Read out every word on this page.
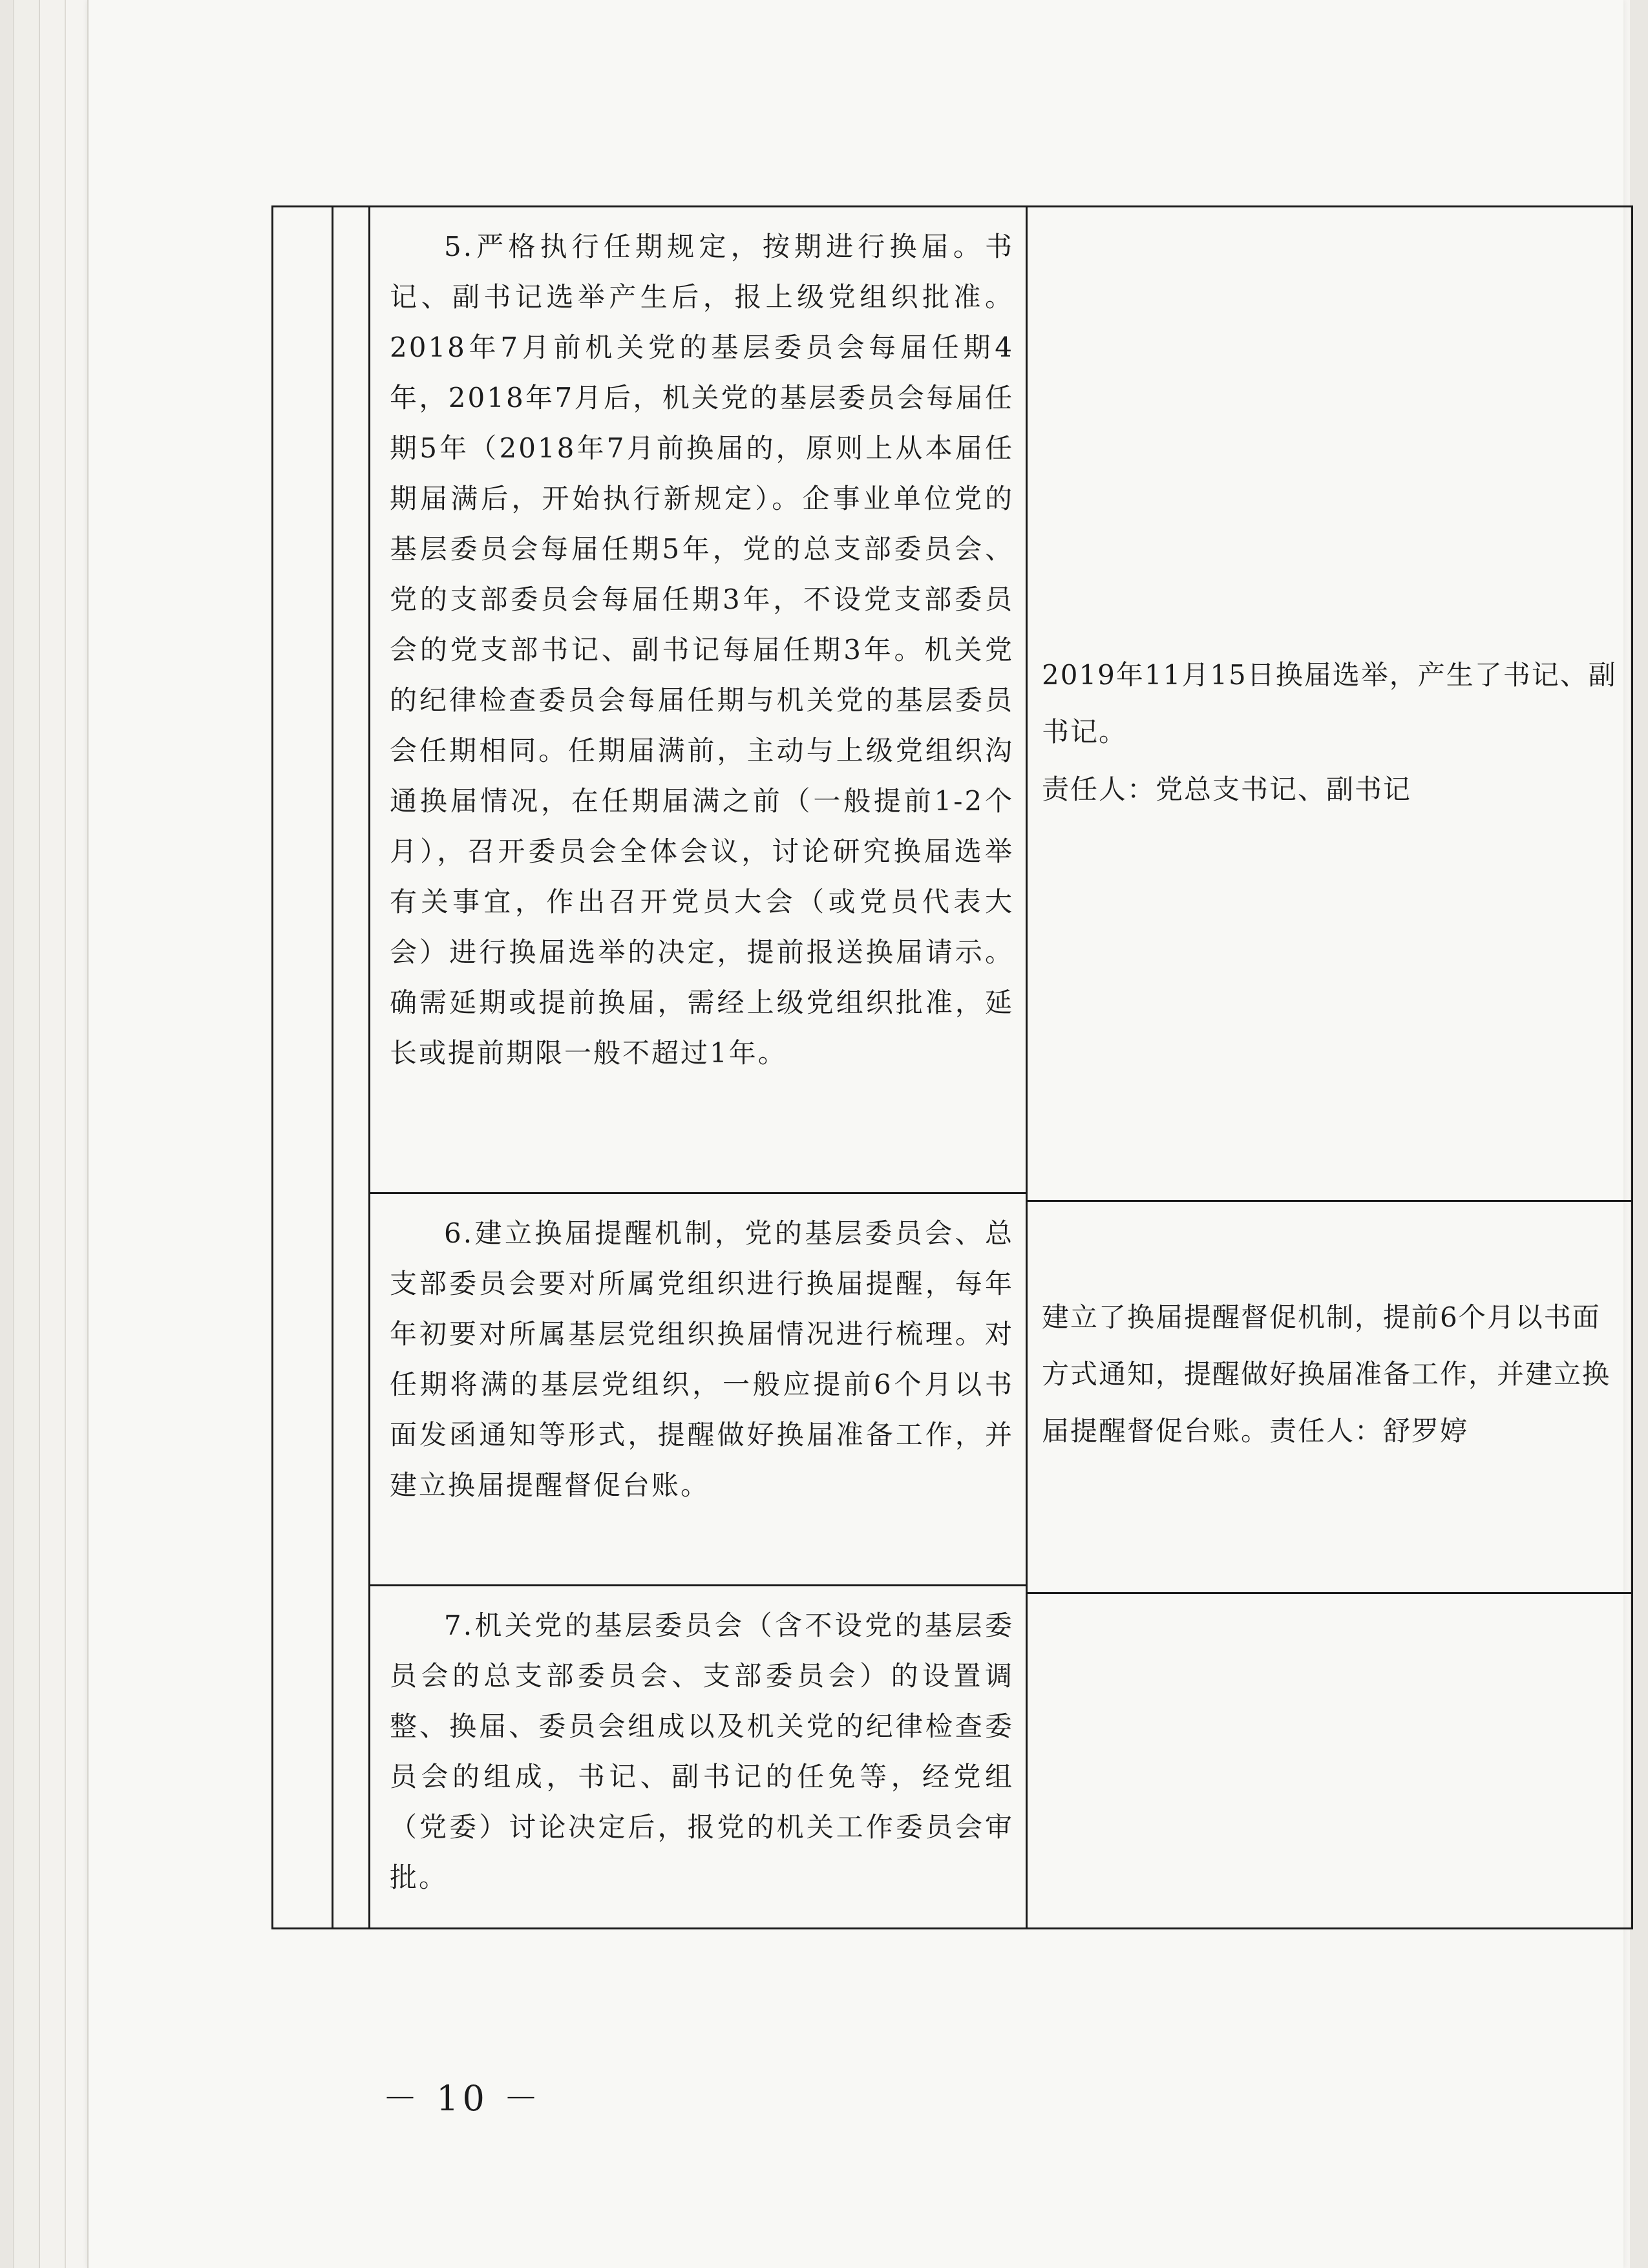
5.严格执行任期规定，按期进行换届。书记、副书记选举产生后，报上级党组织批准。2018年7月前机关党的基层委员会每届任期4年，2018年7月后，机关党的基层委员会每届任期5年（2018年7月前换届的，原则上从本届任期届满后，开始执行新规定）。企事业单位党的基层委员会每届任期5年，党的总支部委员会、党的支部委员会每届任期3年，不设党支部委员会的党支部书记、副书记每届任期3年。机关党的纪律检查委员会每届任期与机关党的基层委员会任期相同。任期届满前，主动与上级党组织沟通换届情况，在任期届满之前（一般提前1-2个月），召开委员会全体会议，讨论研究换届选举有关事宜，作出召开党员大会（或党员代表大会）进行换届选举的决定，提前报送换届请示。确需延期或提前换届，需经上级党组织批准，延长或提前期限一般不超过1年。

2019年11月15日换届选举，产生了书记、副书记。
责任人：党总支书记、副书记

6.建立换届提醒机制，党的基层委员会、总支部委员会要对所属党组织进行换届提醒，每年年初要对所属基层党组织换届情况进行梳理。对任期将满的基层党组织，一般应提前6个月以书面发函通知等形式，提醒做好换届准备工作，并建立换届提醒督促台账。

建立了换届提醒督促机制，提前6个月以书面方式通知，提醒做好换届准备工作，并建立换届提醒督促台账。责任人：舒罗婷

7.机关党的基层委员会（含不设党的基层委员会的总支部委员会、支部委员会）的设置调整、换届、委员会组成以及机关党的纪律检查委员会的组成，书记、副书记的任免等，经党组（党委）讨论决定后，报党的机关工作委员会审批。

－ 10 －
